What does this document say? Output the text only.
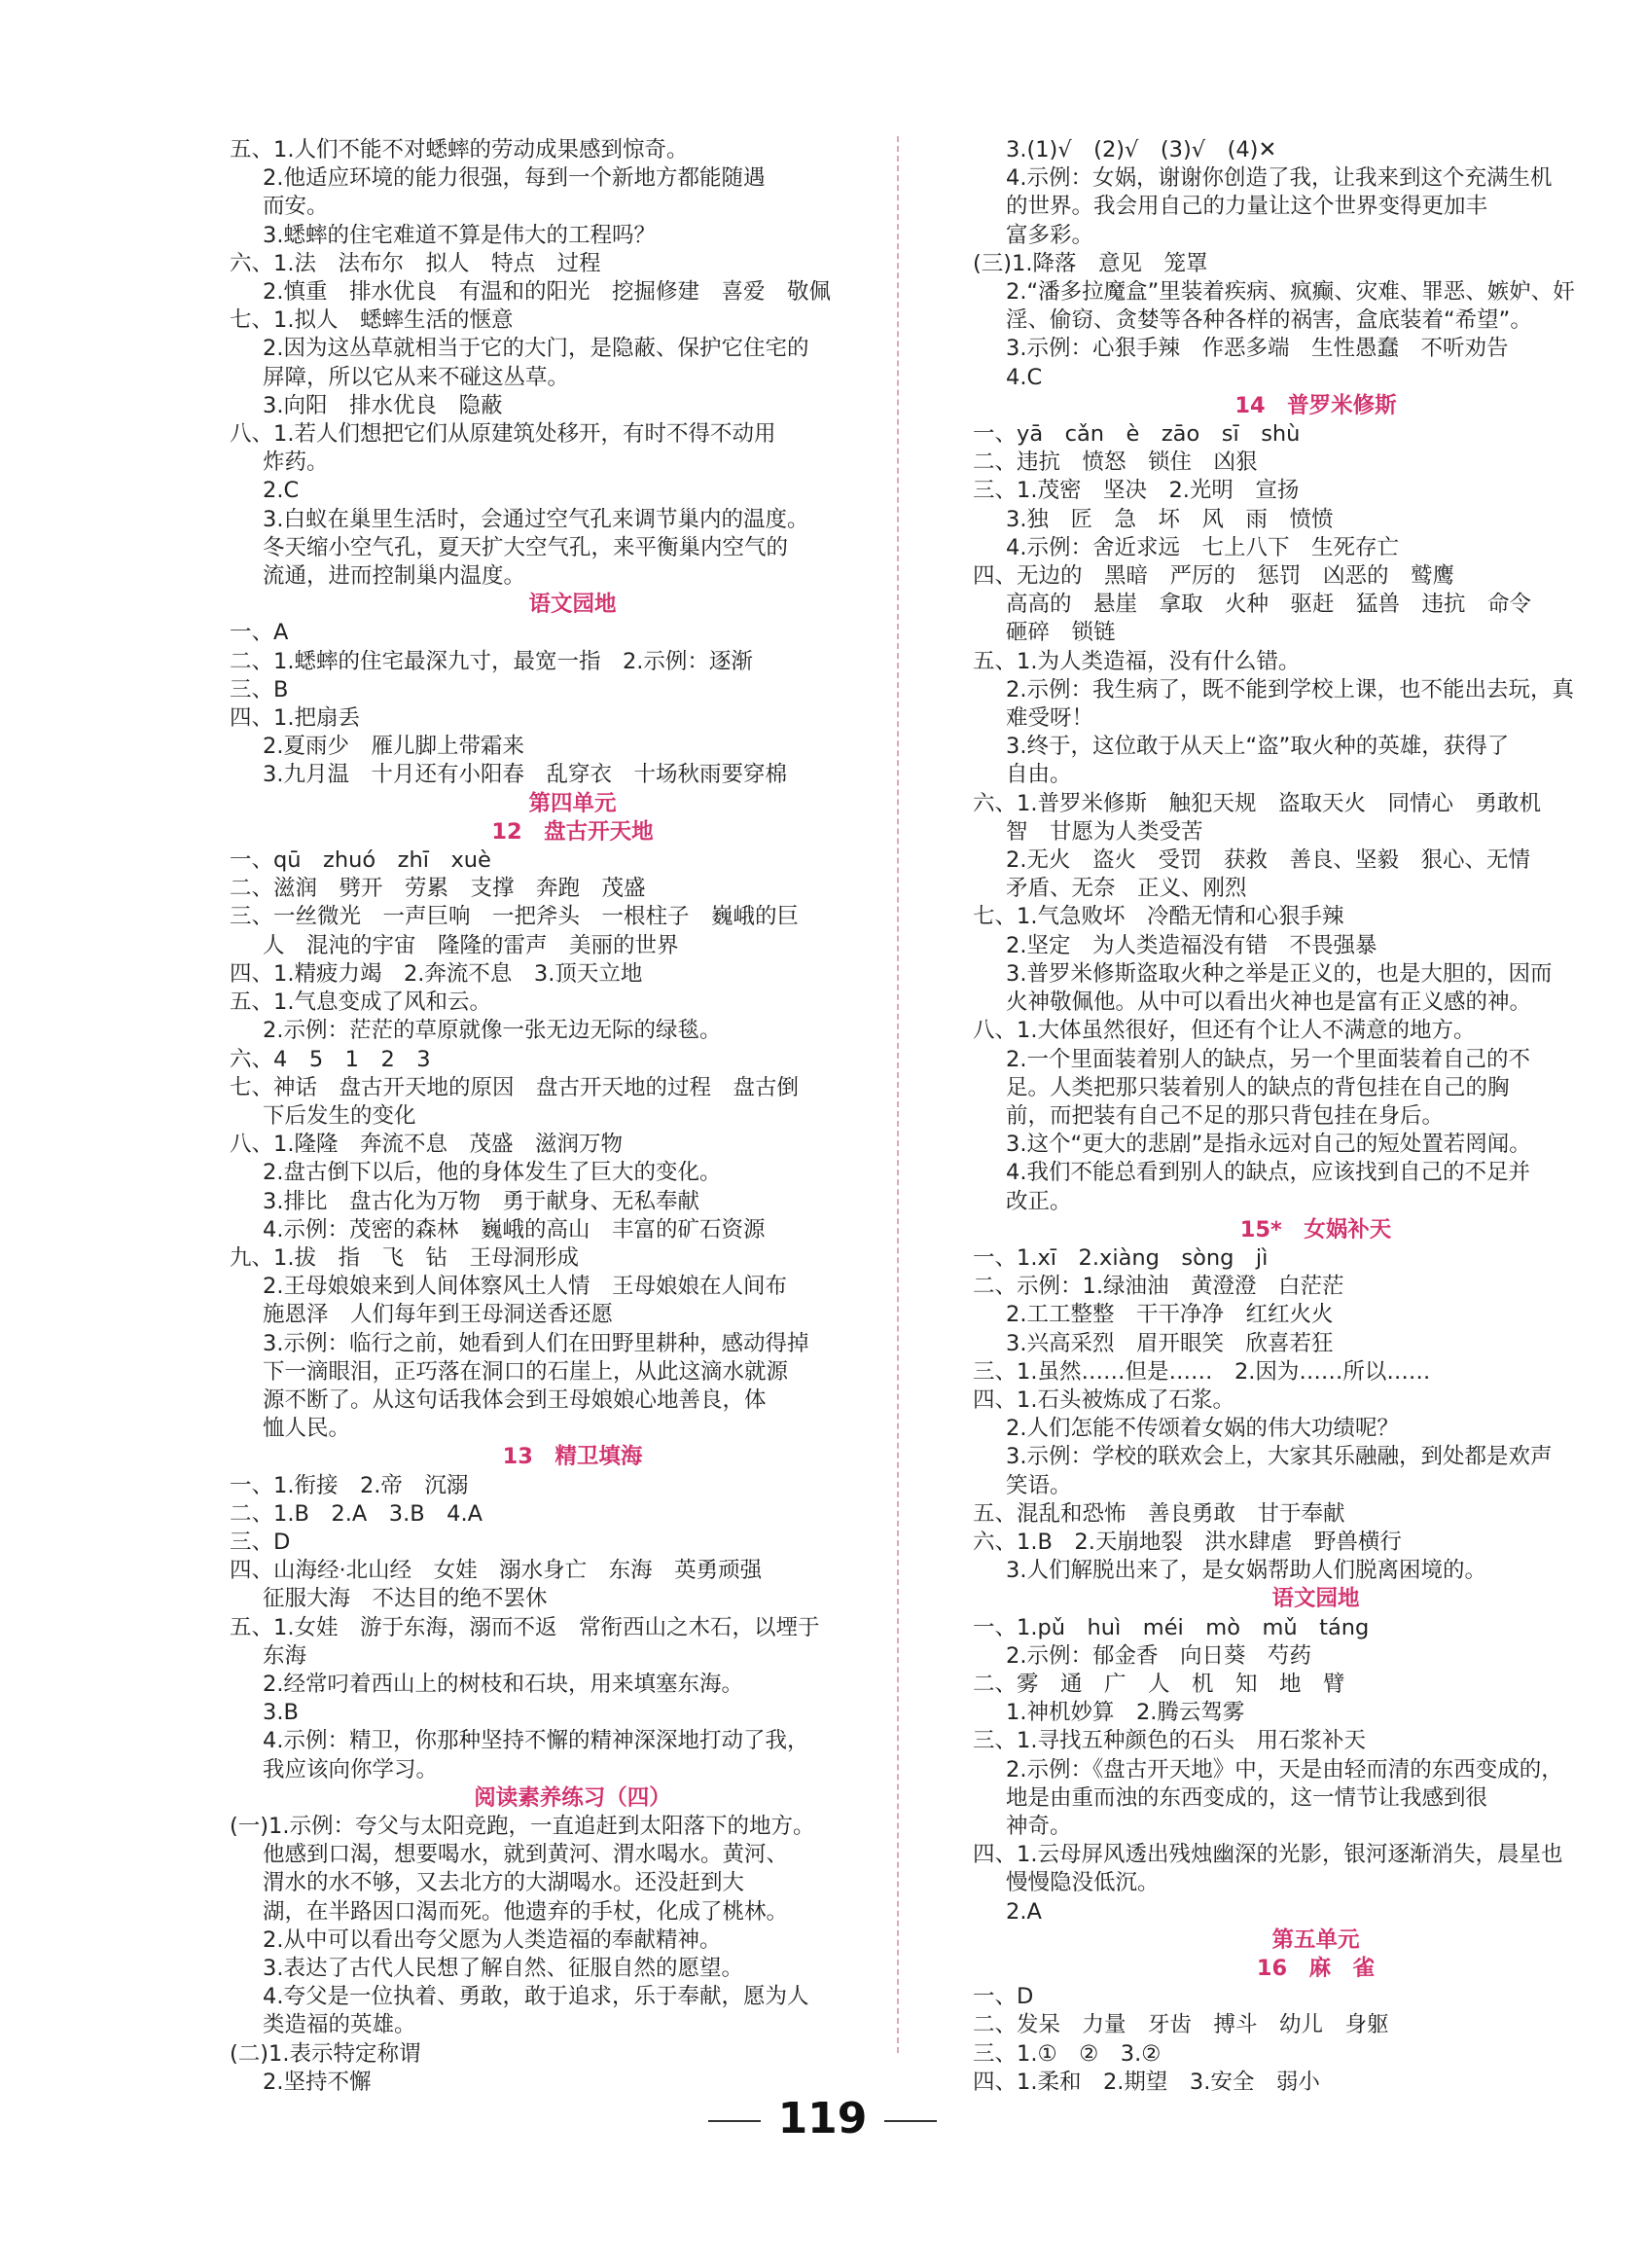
五、1.人们不能不对蟋蟀的劳动成果感到惊奇。
2.他适应环境的能力很强，每到一个新地方都能随遇
而安。
3.蟋蟀的住宅难道不算是伟大的工程吗？
六、1.法　法布尔　拟人　特点　过程
2.慎重　排水优良　有温和的阳光　挖掘修建　喜爱　敬佩
七、1.拟人　蟋蟀生活的惬意
2.因为这丛草就相当于它的大门，是隐蔽、保护它住宅的
屏障，所以它从来不碰这丛草。
3.向阳　排水优良　隐蔽
八、1.若人们想把它们从原建筑处移开，有时不得不动用
炸药。
2.C
3.白蚁在巢里生活时，会通过空气孔来调节巢内的温度。
冬天缩小空气孔，夏天扩大空气孔，来平衡巢内空气的
流通，进而控制巢内温度。
语文园地
一、A
二、1.蟋蟀的住宅最深九寸，最宽一指　2.示例：逐渐
三、B
四、1.把扇丢
2.夏雨少　雁儿脚上带霜来
3.九月温　十月还有小阳春　乱穿衣　十场秋雨要穿棉
第四单元
12　盘古开天地
一、qū　zhuó　zhī　xuè
二、滋润　劈开　劳累　支撑　奔跑　茂盛
三、一丝微光　一声巨响　一把斧头　一根柱子　巍峨的巨
人　混沌的宇宙　隆隆的雷声　美丽的世界
四、1.精疲力竭　2.奔流不息　3.顶天立地
五、1.气息变成了风和云。
2.示例：茫茫的草原就像一张无边无际的绿毯。
六、4　5　1　2　3
七、神话　盘古开天地的原因　盘古开天地的过程　盘古倒
下后发生的变化
八、1.隆隆　奔流不息　茂盛　滋润万物
2.盘古倒下以后，他的身体发生了巨大的变化。
3.排比　盘古化为万物　勇于献身、无私奉献
4.示例：茂密的森林　巍峨的高山　丰富的矿石资源
九、1.拔　指　飞　钻　王母洞形成
2.王母娘娘来到人间体察风土人情　王母娘娘在人间布
施恩泽　人们每年到王母洞送香还愿
3.示例：临行之前，她看到人们在田野里耕种，感动得掉
下一滴眼泪，正巧落在洞口的石崖上，从此这滴水就源
源不断了。从这句话我体会到王母娘娘心地善良，体
恤人民。
13　精卫填海
一、1.衔接　2.帝　沉溺
二、1.B　2.A　3.B　4.A
三、D
四、山海经·北山经　女娃　溺水身亡　东海　英勇顽强
征服大海　不达目的绝不罢休
五、1.女娃　游于东海，溺而不返　常衔西山之木石，以堙于
东海
2.经常叼着西山上的树枝和石块，用来填塞东海。
3.B
4.示例：精卫，你那种坚持不懈的精神深深地打动了我，
我应该向你学习。
阅读素养练习（四）
(一)1.示例：夸父与太阳竞跑，一直追赶到太阳落下的地方。
他感到口渴，想要喝水，就到黄河、渭水喝水。黄河、
渭水的水不够，又去北方的大湖喝水。还没赶到大
湖，在半路因口渴而死。他遗弃的手杖，化成了桃林。
2.从中可以看出夸父愿为人类造福的奉献精神。
3.表达了古代人民想了解自然、征服自然的愿望。
4.夸父是一位执着、勇敢，敢于追求，乐于奉献，愿为人
类造福的英雄。
(二)1.表示特定称谓
2.坚持不懈
3.(1)√　(2)√　(3)√　(4)✕
4.示例：女娲，谢谢你创造了我，让我来到这个充满生机
的世界。我会用自己的力量让这个世界变得更加丰
富多彩。
(三)1.降落　意见　笼罩
2.“潘多拉魔盒”里装着疾病、疯癫、灾难、罪恶、嫉妒、奸
淫、偷窃、贪婪等各种各样的祸害，盒底装着“希望”。
3.示例：心狠手辣　作恶多端　生性愚蠢　不听劝告
4.C
14　普罗米修斯
一、yā　cǎn　è　zāo　sī　shù
二、违抗　愤怒　锁住　凶狠
三、1.茂密　坚决　2.光明　宣扬
3.独　匠　急　坏　风　雨　愤愤
4.示例：舍近求远　七上八下　生死存亡
四、无边的　黑暗　严厉的　惩罚　凶恶的　鹫鹰
高高的　悬崖　拿取　火种　驱赶　猛兽　违抗　命令
砸碎　锁链
五、1.为人类造福，没有什么错。
2.示例：我生病了，既不能到学校上课，也不能出去玩，真
难受呀！
3.终于，这位敢于从天上“盗”取火种的英雄，获得了
自由。
六、1.普罗米修斯　触犯天规　盗取天火　同情心　勇敢机
智　甘愿为人类受苦
2.无火　盗火　受罚　获救　善良、坚毅　狠心、无情
矛盾、无奈　正义、刚烈
七、1.气急败坏　冷酷无情和心狠手辣
2.坚定　为人类造福没有错　不畏强暴
3.普罗米修斯盗取火种之举是正义的，也是大胆的，因而
火神敬佩他。从中可以看出火神也是富有正义感的神。
八、1.大体虽然很好，但还有个让人不满意的地方。
2.一个里面装着别人的缺点，另一个里面装着自己的不
足。人类把那只装着别人的缺点的背包挂在自己的胸
前，而把装有自己不足的那只背包挂在身后。
3.这个“更大的悲剧”是指永远对自己的短处置若罔闻。
4.我们不能总看到别人的缺点，应该找到自己的不足并
改正。
15*　女娲补天
一、1.xī　2.xiàng　sòng　jì
二、示例：1.绿油油　黄澄澄　白茫茫
2.工工整整　干干净净　红红火火
3.兴高采烈　眉开眼笑　欣喜若狂
三、1.虽然……但是……　2.因为……所以……
四、1.石头被炼成了石浆。
2.人们怎能不传颂着女娲的伟大功绩呢？
3.示例：学校的联欢会上，大家其乐融融，到处都是欢声
笑语。
五、混乱和恐怖　善良勇敢　甘于奉献
六、1.B　2.天崩地裂　洪水肆虐　野兽横行
3.人们解脱出来了，是女娲帮助人们脱离困境的。
语文园地
一、1.pǔ　huì　méi　mò　mǔ　táng
2.示例：郁金香　向日葵　芍药
二、雾　通　广　人　机　知　地　臂
1.神机妙算　2.腾云驾雾
三、1.寻找五种颜色的石头　用石浆补天
2.示例：《盘古开天地》中，天是由轻而清的东西变成的，
地是由重而浊的东西变成的，这一情节让我感到很
神奇。
四、1.云母屏风透出残烛幽深的光影，银河逐渐消失，晨星也
慢慢隐没低沉。
2.A
第五单元
16　麻　雀
一、D
二、发呆　力量　牙齿　搏斗　幼儿　身躯
三、1.①　②　3.②
四、1.柔和　2.期望　3.安全　弱小
119
